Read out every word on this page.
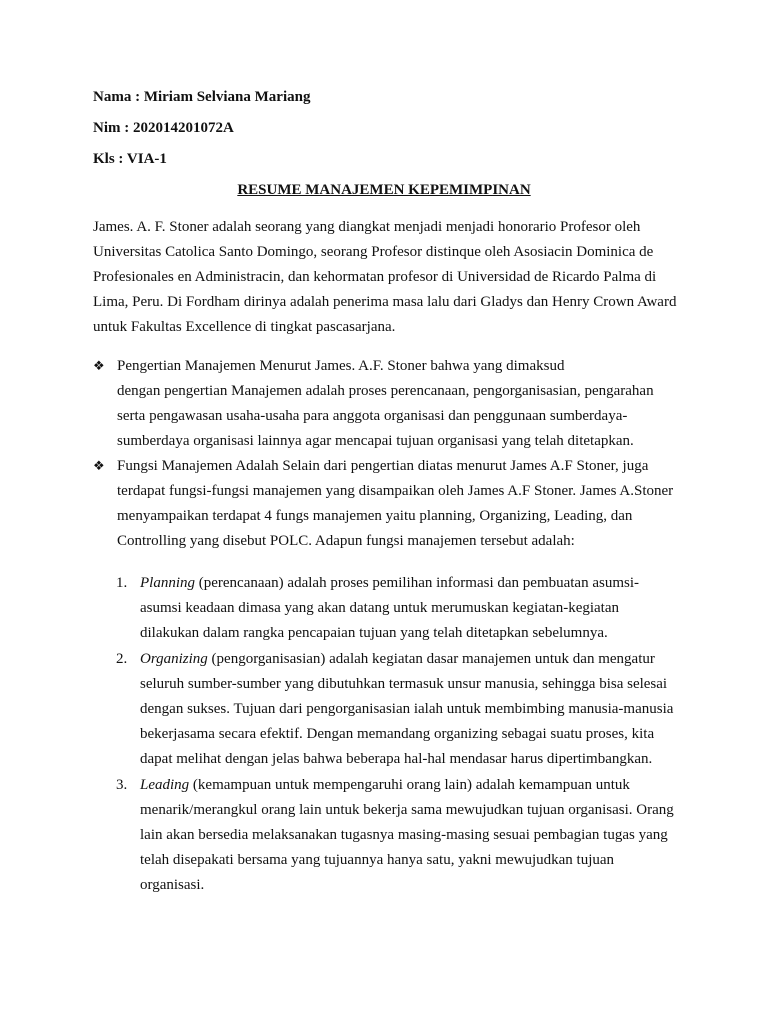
Nama : Miriam Selviana Mariang
Nim : 202014201072A
Kls : VIA-1
RESUME MANAJEMEN KEPEMIMPINAN

James. A. F. Stoner adalah seorang yang diangkat menjadi menjadi honorario Profesor oleh Universitas Catolica Santo Domingo, seorang Profesor distinque oleh Asosiacin Dominica de Profesionales en Administracin, dan kehormatan profesor di Universidad de Ricardo Palma di Lima, Peru. Di Fordham dirinya adalah penerima masa lalu dari Gladys dan Henry Crown Award untuk Fakultas Excellence di tingkat pascasarjana.

❖ Pengertian Manajemen Menurut James. A.F. Stoner bahwa yang dimaksud
dengan pengertian Manajemen adalah proses perencanaan, pengorganisasian, pengarahan serta pengawasan usaha-usaha para anggota organisasi dan penggunaan sumberdaya-sumberdaya organisasi lainnya agar mencapai tujuan organisasi yang telah ditetapkan.
❖ Fungsi Manajemen Adalah Selain dari pengertian diatas menurut James A.F Stoner, juga terdapat fungsi-fungsi manajemen yang disampaikan oleh James A.F Stoner. James A.Stoner menyampaikan terdapat 4 fungs manajemen yaitu planning, Organizing, Leading, dan Controlling yang disebut POLC. Adapun fungsi manajemen tersebut adalah:
1. Planning (perencanaan) adalah proses pemilihan informasi dan pembuatan asumsi-asumsi keadaan dimasa yang akan datang untuk merumuskan kegiatan-kegiatan dilakukan dalam rangka pencapaian tujuan yang telah ditetapkan sebelumnya.
2. Organizing (pengorganisasian) adalah kegiatan dasar manajemen untuk dan mengatur seluruh sumber-sumber yang dibutuhkan termasuk unsur manusia, sehingga bisa selesai dengan sukses. Tujuan dari pengorganisasian ialah untuk membimbing manusia-manusia bekerjasama secara efektif. Dengan memandang organizing sebagai suatu proses, kita dapat melihat dengan jelas bahwa beberapa hal-hal mendasar harus dipertimbangkan.
3. Leading (kemampuan untuk mempengaruhi orang lain) adalah kemampuan untuk menarik/merangkul orang lain untuk bekerja sama mewujudkan tujuan organisasi. Orang lain akan bersedia melaksanakan tugasnya masing-masing sesuai pembagian tugas yang telah disepakati bersama yang tujuannya hanya satu, yakni mewujudkan tujuan organisasi.
